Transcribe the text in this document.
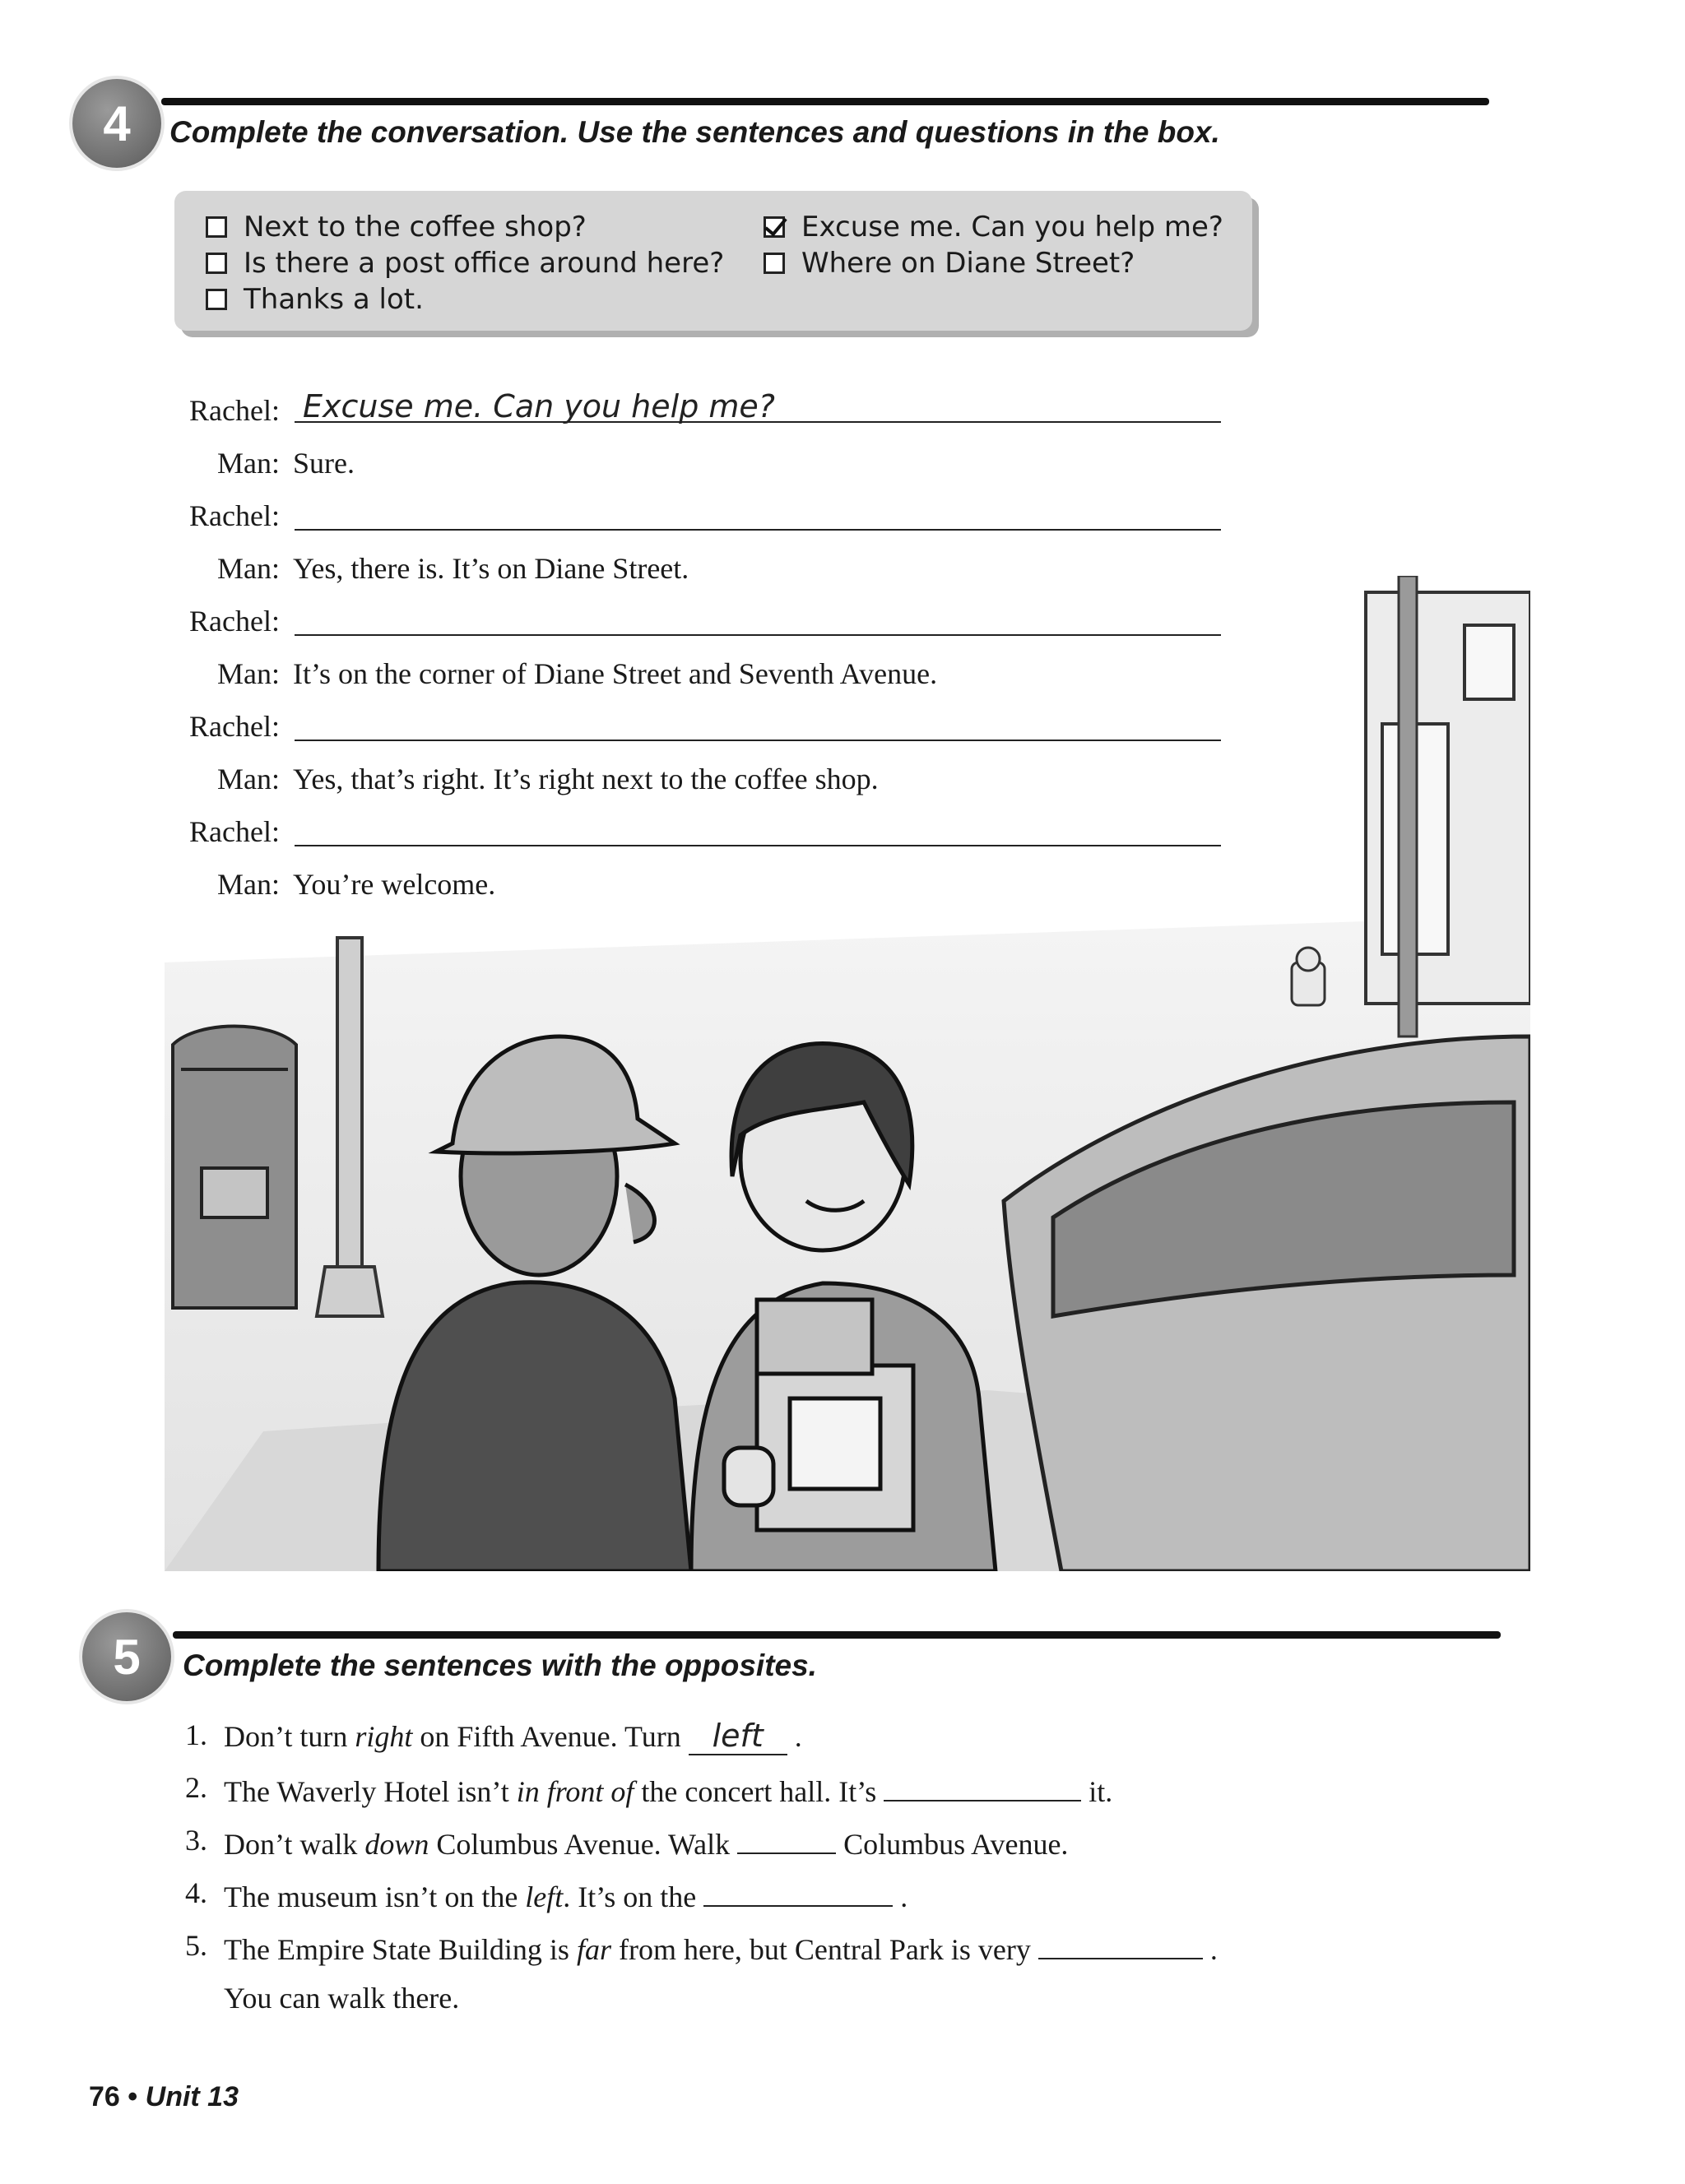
4	Complete the conversation. Use the sentences and questions in the box.
Next to the coffee shop?
Is there a post office around here?
Thanks a lot.
Excuse me. Can you help me?
Where on Diane Street?
Rachel: Excuse me. Can you help me?
Man: Sure.
Rachel:
Man: Yes, there is. It’s on Diane Street.
Rachel:
Man: It’s on the corner of Diane Street and Seventh Avenue.
Rachel:
Man: Yes, that’s right. It’s right next to the coffee shop.
Rachel:
Man: You’re welcome.
5	Complete the sentences with the opposites.
1. Don’t turn right on Fifth Avenue. Turn left .
2. The Waverly Hotel isn’t in front of the concert hall. It’s	it.
3. Don’t walk down Columbus Avenue. Walk	Columbus Avenue.
4. The museum isn’t on the left. It’s on the	.
5. The Empire State Building is far from here, but Central Park is very	.
You can walk there.
76 • Unit 13
